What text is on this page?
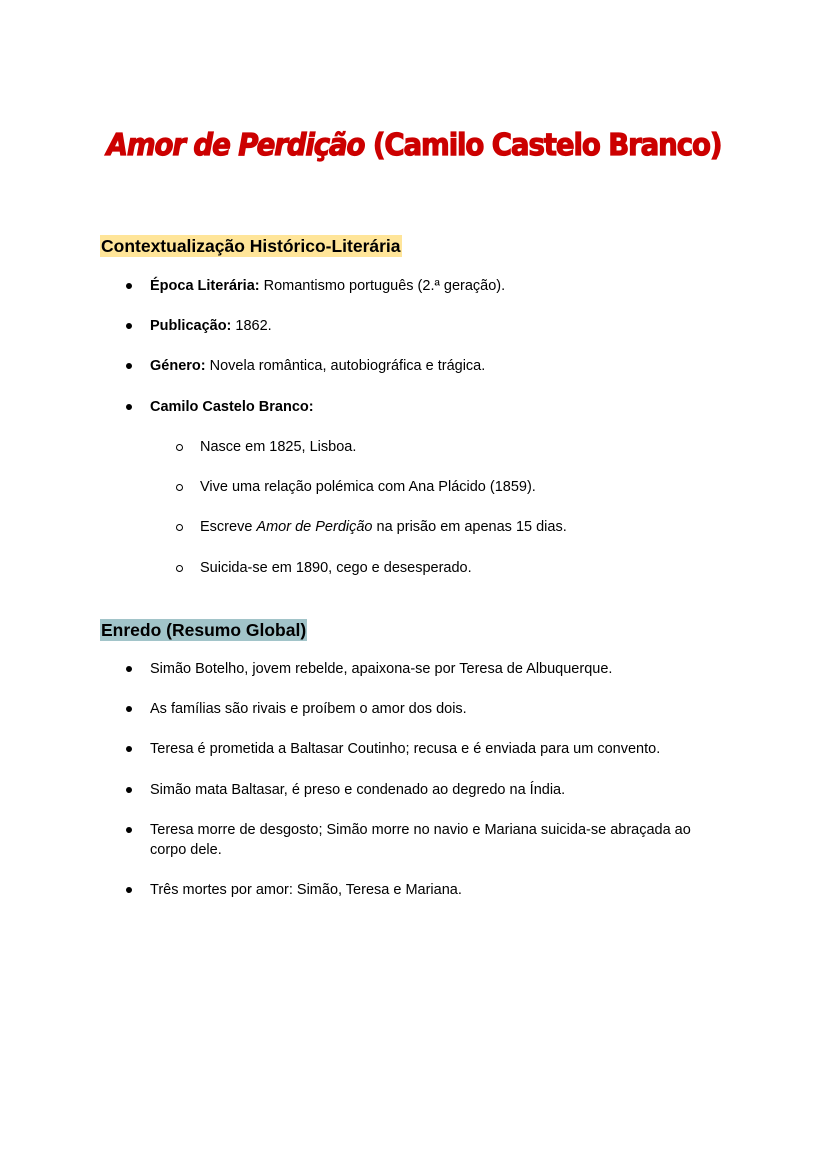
Amor de Perdição (Camilo Castelo Branco)
Contextualização Histórico-Literária
Época Literária: Romantismo português (2.ª geração).
Publicação: 1862.
Género: Novela romântica, autobiográfica e trágica.
Camilo Castelo Branco:
Nasce em 1825, Lisboa.
Vive uma relação polémica com Ana Plácido (1859).
Escreve Amor de Perdição na prisão em apenas 15 dias.
Suicida-se em 1890, cego e desesperado.
Enredo (Resumo Global)
Simão Botelho, jovem rebelde, apaixona-se por Teresa de Albuquerque.
As famílias são rivais e proíbem o amor dos dois.
Teresa é prometida a Baltasar Coutinho; recusa e é enviada para um convento.
Simão mata Baltasar, é preso e condenado ao degredo na Índia.
Teresa morre de desgosto; Simão morre no navio e Mariana suicida-se abraçada ao corpo dele.
Três mortes por amor: Simão, Teresa e Mariana.
